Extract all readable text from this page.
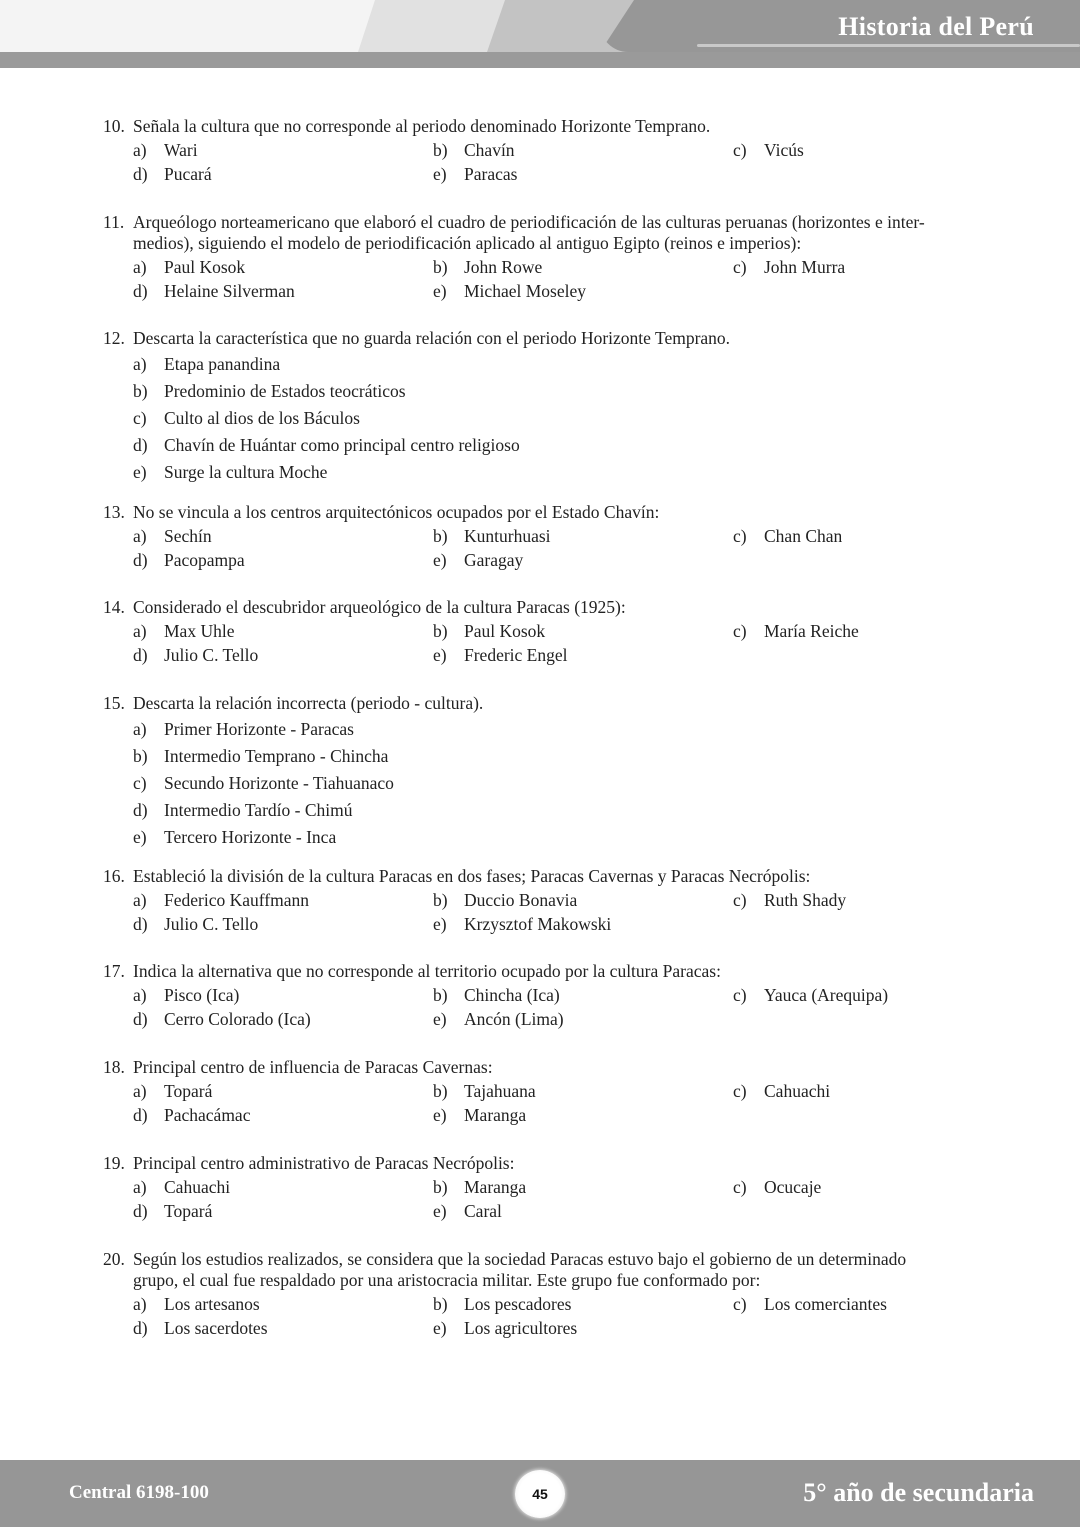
Historia del Perú
10. Señala la cultura que no corresponde al periodo denominado Horizonte Temprano.
a) Wari	b) Chavín	c) Vicús
d) Pucará	e) Paracas
11. Arqueólogo norteamericano que elaboró el cuadro de periodificación de las culturas peruanas (horizontes e inter-
medios), siguiendo el modelo de periodificación aplicado al antiguo Egipto (reinos e imperios):
a) Paul Kosok	b) John Rowe	c) John Murra
d) Helaine Silverman	e) Michael Moseley
12. Descarta la característica que no guarda relación con el periodo Horizonte Temprano.
a) Etapa panandina
b) Predominio de Estados teocráticos
c) Culto al dios de los Báculos
d) Chavín de Huántar como principal centro religioso
e) Surge la cultura Moche
13. No se vincula a los centros arquitectónicos ocupados por el Estado Chavín:
a) Sechín	b) Kunturhuasi	c) Chan Chan
d) Pacopampa	e) Garagay
14. Considerado el descubridor arqueológico de la cultura Paracas (1925):
a) Max Uhle	b) Paul Kosok	c) María Reiche
d) Julio C. Tello	e) Frederic Engel
15. Descarta la relación incorrecta (periodo - cultura).
a) Primer Horizonte - Paracas
b) Intermedio Temprano - Chincha
c) Secundo Horizonte - Tiahuanaco
d) Intermedio Tardío - Chimú
e) Tercero Horizonte - Inca
16. Estableció la división de la cultura Paracas en dos fases; Paracas Cavernas y Paracas Necrópolis:
a) Federico Kauffmann	b) Duccio Bonavia	c) Ruth Shady
d) Julio C. Tello	e) Krzysztof Makowski
17. Indica la alternativa que no corresponde al territorio ocupado por la cultura Paracas:
a) Pisco (Ica)	b) Chincha (Ica)	c) Yauca (Arequipa)
d) Cerro Colorado (Ica)	e) Ancón (Lima)
18. Principal centro de influencia de Paracas Cavernas:
a) Topará	b) Tajahuana	c) Cahuachi
d) Pachacámac	e) Maranga
19. Principal centro administrativo de Paracas Necrópolis:
a) Cahuachi	b) Maranga	c) Ocucaje
d) Topará	e) Caral
20. Según los estudios realizados, se considera que la sociedad Paracas estuvo bajo el gobierno de un determinado
grupo, el cual fue respaldado por una aristocracia militar. Este grupo fue conformado por:
a) Los artesanos	b) Los pescadores	c) Los comerciantes
d) Los sacerdotes	e) Los agricultores
Central 6198-100	45	5° año de secundaria
